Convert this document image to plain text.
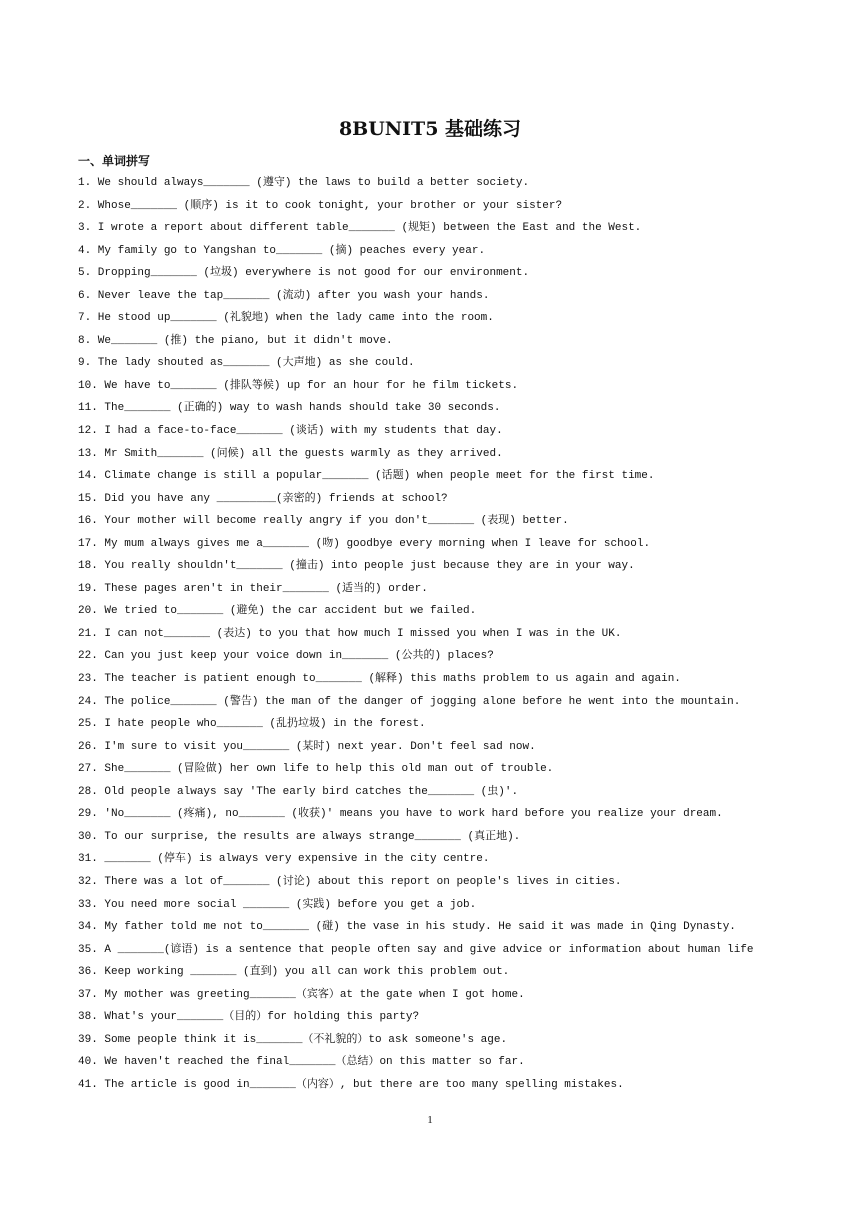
8BUNIT5 基础练习
一、单词拼写
1. We should always_______ (遵守) the laws to build a better society.
2. Whose_______ (顺序) is it to cook tonight, your brother or your sister?
3. I wrote a report about different table_______ (规矩) between the East and the West.
4. My family go to Yangshan to_______ (摘) peaches every year.
5. Dropping_______ (垃圾) everywhere is not good for our environment.
6. Never leave the tap_______ (流动) after you wash your hands.
7. He stood up_______ (礼貌地) when the lady came into the room.
8. We_______ (推) the piano, but it didn't move.
9. The lady shouted as_______ (大声地) as she could.
10. We have to_______ (排队等候) up for an hour for he film tickets.
11. The_______ (正确的) way to wash hands should take 30 seconds.
12. I had a face-to-face_______ (谈话) with my students that day.
13. Mr Smith_______ (问候) all the guests warmly as they arrived.
14. Climate change is still a popular_______ (话题) when people meet for the first time.
15. Did you have any _________(亲密的) friends at school?
16. Your mother will become really angry if you don't_______ (表现) better.
17. My mum always gives me a_______ (吻) goodbye every morning when I leave for school.
18. You really shouldn't_______ (撞击) into people just because they are in your way.
19. These pages aren't in their_______ (适当的) order.
20. We tried to_______ (避免) the car accident but we failed.
21. I can not_______ (表达) to you that how much I missed you when I was in the UK.
22. Can you just keep your voice down in_______ (公共的) places?
23. The teacher is patient enough to_______ (解释) this maths problem to us again and again.
24. The police_______ (警告) the man of the danger of jogging alone before he went into the mountain.
25. I hate people who_______ (乱扔垃圾) in the forest.
26. I'm sure to visit you_______ (某时) next year. Don't feel sad now.
27. She_______ (冒险做) her own life to help this old man out of trouble.
28. Old people always say 'The early bird catches the_______ (虫)'.
29. 'No_______ (疼痛), no_______ (收获)' means you have to work hard before you realize your dream.
30. To our surprise, the results are always strange_______ (真正地).
31. _______ (停车) is always very expensive in the city centre.
32. There was a lot of_______ (讨论) about this report on people's lives in cities.
33. You need more social _______ (实践) before you get a job.
34. My father told me not to_______ (碰) the vase in his study. He said it was made in Qing Dynasty.
35. A _______(谚语) is a sentence that people often say and give advice or information about human life
36. Keep working _______ (直到) you all can work this problem out.
37. My mother was greeting_______（宾客）at the gate when I got home.
38. What's your_______（目的）for holding this party?
39. Some people think it is_______（不礼貌的）to ask someone's age.
40. We haven't reached the final_______（总结）on this matter so far.
41. The article is good in_______（内容）, but there are too many spelling mistakes.
1
